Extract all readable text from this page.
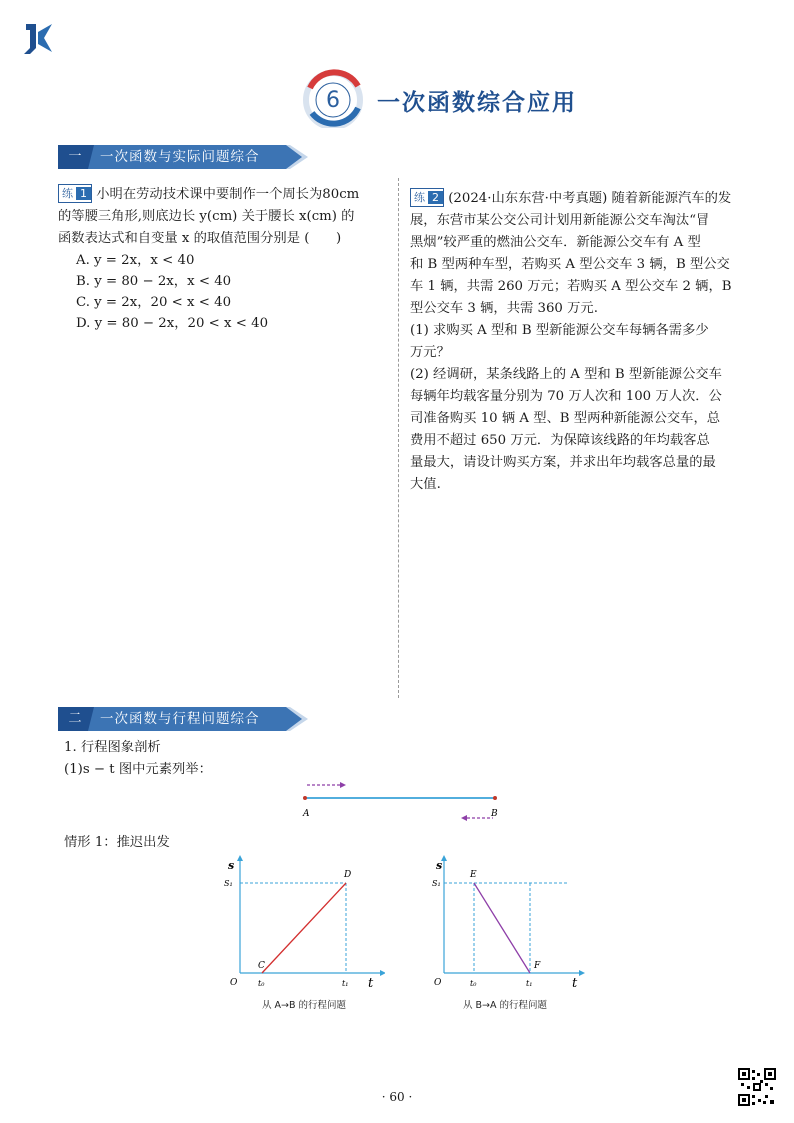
6	一次函数综合应用
一	一次函数与实际问题综合
练 1 小明在劳动技术课中要制作一个周长为80cm
的等腰三角形,则底边长 y(cm) 关于腰长 x(cm) 的
函数表达式和自变量 x 的取值范围分别是 (　　)
A. y = 2x，x < 40
B. y = 80 − 2x，x < 40
C. y = 2x，20 < x < 40
D. y = 80 − 2x，20 < x < 40
练 2 (2024·山东东营·中考真题) 随着新能源汽车的发
展，东营市某公交公司计划用新能源公交车淘汰“冒
黑烟”较严重的燃油公交车．新能源公交车有 A 型
和 B 型两种车型，若购买 A 型公交车 3 辆，B 型公交
车 1 辆，共需 260 万元；若购买 A 型公交车 2 辆，B
型公交车 3 辆，共需 360 万元.
(1) 求购买 A 型和 B 型新能源公交车每辆各需多少
万元？
(2) 经调研，某条线路上的 A 型和 B 型新能源公交车
每辆年均载客量分别为 70 万人次和 100 万人次．公
司准备购买 10 辆 A 型、B 型两种新能源公交车，总
费用不超过 650 万元．为保障该线路的年均载客总
量最大，请设计购买方案，并求出年均载客总量的最
大值.
二	一次函数与行程问题综合
1. 行程图象剖析
(1)s − t 图中元素列举：
A	B
情形 1：推迟出发
s
S₁
O	t₀	t₁ t
C
D
从 A→B 的行程问题
s
S₁
O	t₀	t₁	t
E
F
从 B→A 的行程问题
· 60 ·
